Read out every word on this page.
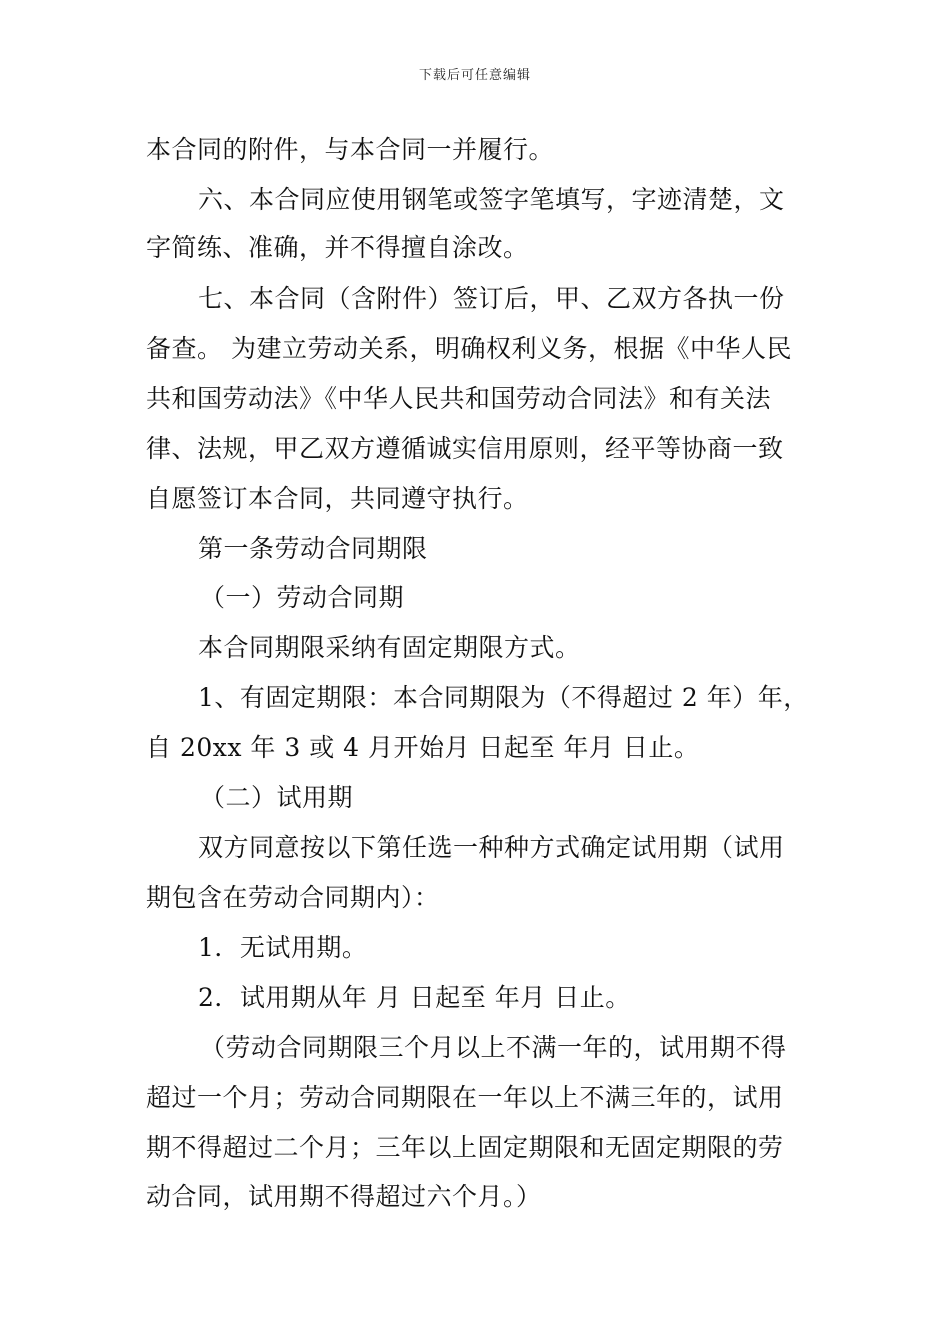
下载后可任意编辑
本合同的附件，与本合同一并履行。
六、本合同应使用钢笔或签字笔填写，字迹清楚，文
字简练、准确，并不得擅自涂改。
七、本合同（含附件）签订后，甲、乙双方各执一份
备查。 为建立劳动关系，明确权利义务，根据《中华人民
共和国劳动法》《中华人民共和国劳动合同法》和有关法
律、法规，甲乙双方遵循诚实信用原则，经平等协商一致
自愿签订本合同，共同遵守执行。
第一条劳动合同期限
（一）劳动合同期
本合同期限采纳有固定期限方式。
1、有固定期限：本合同期限为（不得超过 2 年）年，
自 20xx 年 3 或 4 月开始月 日起至 年月 日止。
（二）试用期
双方同意按以下第任选一种种方式确定试用期（试用
期包含在劳动合同期内）：
1．无试用期。
2．试用期从年 月 日起至 年月 日止。
（劳动合同期限三个月以上不满一年的，试用期不得
超过一个月；劳动合同期限在一年以上不满三年的，试用
期不得超过二个月；三年以上固定期限和无固定期限的劳
动合同，试用期不得超过六个月。）
